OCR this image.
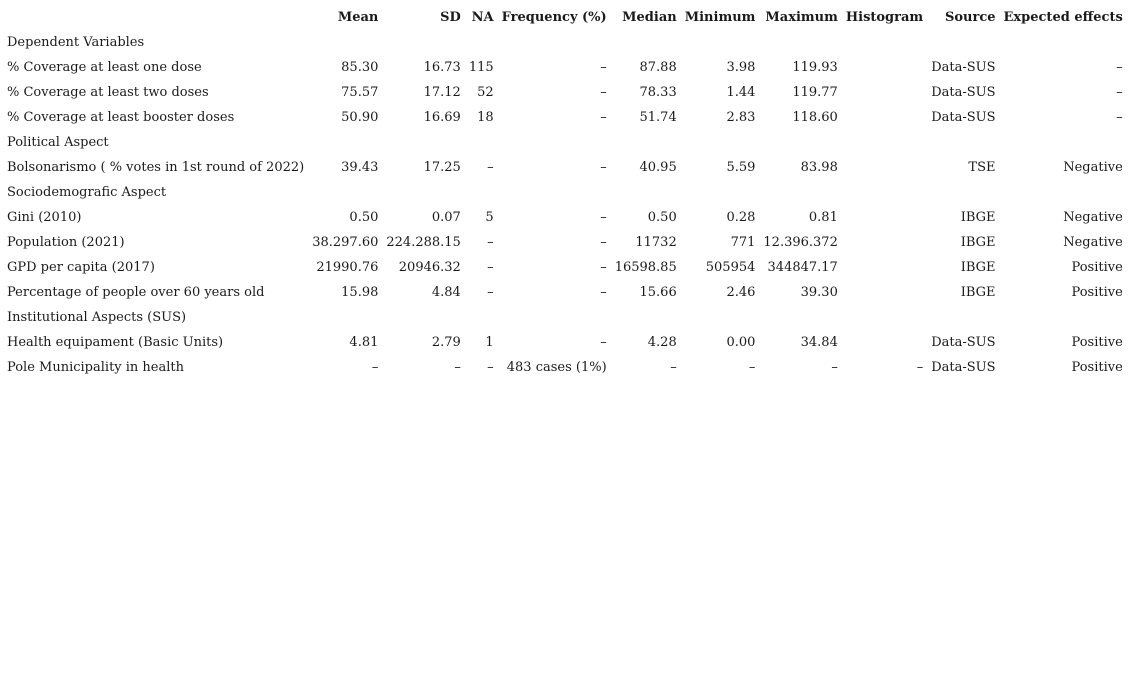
	Mean	SD	NA	Frequency (%)	Median	Minimum	Maximum	Histogram	Source	Expected effects
Dependent Variables										
% Coverage at least one dose	85.30	16.73	115	–	87.88	3.98	119.93		Data-SUS	–
% Coverage at least two doses	75.57	17.12	52	–	78.33	1.44	119.77		Data-SUS	–
% Coverage at least booster doses	50.90	16.69	18	–	51.74	2.83	118.60		Data-SUS	–
Political Aspect										
Bolsonarismo ( % votes in 1st round of 2022)	39.43	17.25	–	–	40.95	5.59	83.98		TSE	Negative
Sociodemografic Aspect										
Gini (2010)	0.50	0.07	5	–	0.50	0.28	0.81		IBGE	Negative
Population (2021)	38.297.60	224.288.15	–	–	11732	771	12.396.372		IBGE	Negative
GPD per capita (2017)	21990.76	20946.32	–	–	16598.85	505954	344847.17		IBGE	Positive
Percentage of people over 60 years old	15.98	4.84	–	–	15.66	2.46	39.30		IBGE	Positive
Institutional Aspects (SUS)										
Health equipament (Basic Units)	4.81	2.79	1	–	4.28	0.00	34.84		Data-SUS	Positive
Pole Municipality in health	–	–	–	483 cases (1%)	–	–	–	–	Data-SUS	Positive
